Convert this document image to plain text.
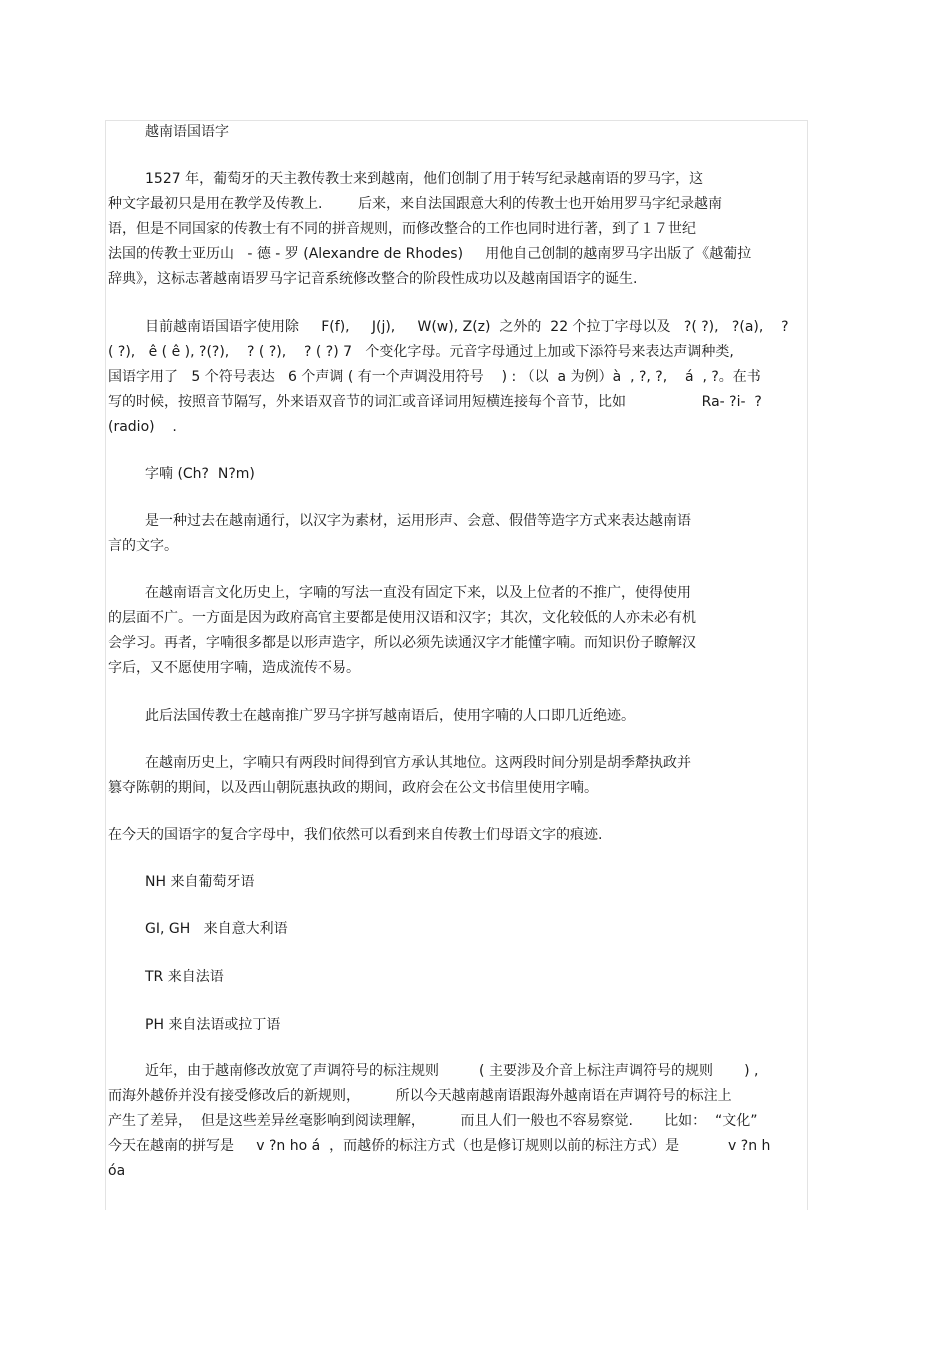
越南语国语字

1527 年，葡萄牙的天主教传教士来到越南，他们创制了用于转写纪录越南语的罗马字，这

种文字最初只是用在教学及传教上.        后来，来自法国跟意大利的传教士也开始用罗马字纪录越南

语，但是不同国家的传教士有不同的拼音规则，而修改整合的工作也同时进行著，到了１７世纪

法国的传教士亚历山   - 德 - 罗 (Alexandre de Rhodes)     用他自己创制的越南罗马字出版了《越葡拉

辞典》，这标志著越南语罗马字记音系统修改整合的阶段性成功以及越南国语字的诞生.

目前越南语国语字使用除     F(f),     J(j),     W(w), Z(z)  之外的  22 个拉丁字母以及   ?( ?),   ?(a),    ?

( ?),   ê ( ê ), ?(?),    ? ( ?),    ? ( ?) 7   个变化字母。元音字母通过上加或下添符号来表达声调种类,

国语字用了   5 个符号表达   6 个声调 ( 有一个声调没用符号    ) : （以  a 为例）à  , ?, ?,    á  , ?。在书

写的时候，按照音节隔写，外来语双音节的词汇或音译词用短横连接每个音节，比如                 Ra- ?i-  ?

(radio)    .

字喃 (Ch?  N?m)

是一种过去在越南通行，以汉字为素材，运用形声、会意、假借等造字方式来表达越南语

言的文字。

在越南语言文化历史上，字喃的写法一直没有固定下来，以及上位者的不推广，使得使用

的层面不广。一方面是因为政府高官主要都是使用汉语和汉字；其次，文化较低的人亦未必有机

会学习。再者，字喃很多都是以形声造字，所以必须先读通汉字才能懂字喃。而知识份子瞭解汉

字后，又不愿使用字喃，造成流传不易。

此后法国传教士在越南推广罗马字拼写越南语后，使用字喃的人口即几近绝迹。

在越南历史上，字喃只有两段时间得到官方承认其地位。这两段时间分别是胡季犛执政并

篡夺陈朝的期间，以及西山朝阮惠执政的期间，政府会在公文书信里使用字喃。

在今天的国语字的复合字母中，我们依然可以看到来自传教士们母语文字的痕迹.

NH 来自葡萄牙语

GI, GH   来自意大利语

TR 来自法语

PH 来自法语或拉丁语

近年，由于越南修改放宽了声调符号的标注规则         ( 主要涉及介音上标注声调符号的规则       ) ,

而海外越侨并没有接受修改后的新规则，        所以今天越南越南语跟海外越南语在声调符号的标注上

产生了差异，  但是这些差异丝毫影响到阅读理解，        而且人们一般也不容易察觉.       比如：  “文化”

今天在越南的拼写是     v ?n ho á  ，而越侨的标注方式（也是修订规则以前的标注方式）是           v ?n h

óa
